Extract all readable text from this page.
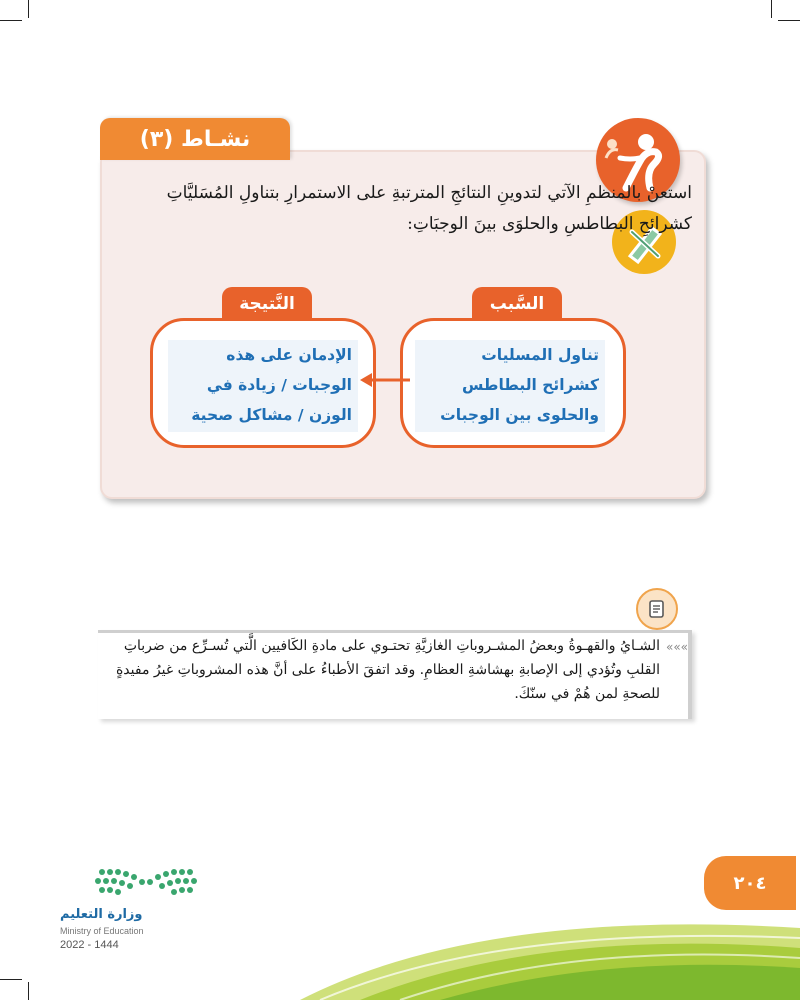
نشـاط (٣)
استعنْ بالمنظمِ الآتي لتدوينِ النتائجِ المترتبةِ على الاستمرارِ بتناولِ المُسَليَّاتِ كشرائحِ البطاطسِ والحلوَى بينَ الوجبَاتِ:
السَّبب
النَّتيجة
تناول المسليات كشرائح البطاطس والحلوى بين الوجبات
الإدمان على هذه الوجبات / زيادة في الوزن / مشاكل صحية
«««
الشـايُ والقهـوةُ وبعضُ المشـروباتِ الغازيَّةِ تحتـوي على مادةِ الكَافيين الَّتي تُسـرِّع من ضرباتِ القلبِ وتُؤدي إلى الإصابةِ بهشاشةِ العظامِ. وقد اتفقَ الأطباءُ على أنَّ هذه المشروباتِ غيرُ مفيدةٍ للصحةِ لمن هُمْ في سنّكَ.
٢٠٤
وزارة التعليم
Ministry of Education
2022 - 1444
